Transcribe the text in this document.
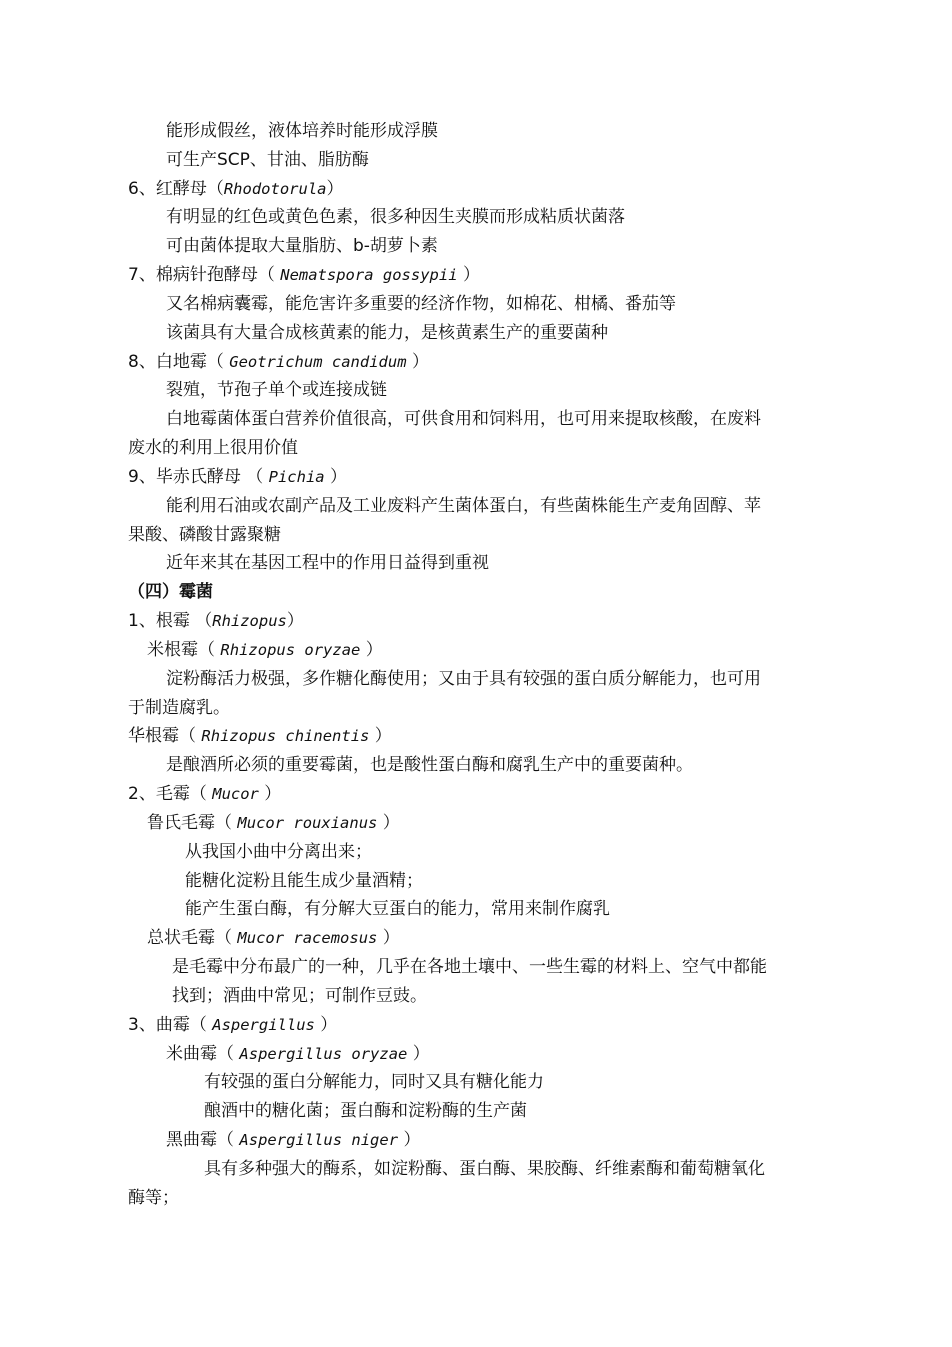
能形成假丝，液体培养时能形成浮膜
可生产SCP、甘油、脂肪酶
6、红酵母（Rhodotorula）
有明显的红色或黄色色素，很多种因生夹膜而形成粘质状菌落
可由菌体提取大量脂肪、b-胡萝卜素
7、棉病针孢酵母（ Nematspora gossypii ）
又名棉病囊霉，能危害许多重要的经济作物，如棉花、柑橘、番茄等
该菌具有大量合成核黄素的能力，是核黄素生产的重要菌种
8、白地霉（ Geotrichum candidum ）
裂殖，节孢子单个或连接成链
白地霉菌体蛋白营养价值很高，可供食用和饲料用，也可用来提取核酸，在废料
废水的利用上很用价值
9、毕赤氏酵母 （ Pichia ）
能利用石油或农副产品及工业废料产生菌体蛋白，有些菌株能生产麦角固醇、苹
果酸、磷酸甘露聚糖
近年来其在基因工程中的作用日益得到重视
（四）霉菌
1、根霉 （Rhizopus）
米根霉（ Rhizopus oryzae ）
淀粉酶活力极强，多作糖化酶使用；又由于具有较强的蛋白质分解能力，也可用
于制造腐乳。
华根霉（ Rhizopus chinentis ）
是酿酒所必须的重要霉菌，也是酸性蛋白酶和腐乳生产中的重要菌种。
2、毛霉（ Mucor ）
鲁氏毛霉（ Mucor rouxianus ）
从我国小曲中分离出来；
能糖化淀粉且能生成少量酒精；
能产生蛋白酶，有分解大豆蛋白的能力，常用来制作腐乳
总状毛霉（ Mucor racemosus ）
是毛霉中分布最广的一种，几乎在各地土壤中、一些生霉的材料上、空气中都能
找到；酒曲中常见；可制作豆豉。
3、曲霉（ Aspergillus ）
米曲霉（ Aspergillus oryzae ）
有较强的蛋白分解能力，同时又具有糖化能力
酿酒中的糖化菌；蛋白酶和淀粉酶的生产菌
黑曲霉（ Aspergillus niger ）
具有多种强大的酶系，如淀粉酶、蛋白酶、果胶酶、纤维素酶和葡萄糖氧化
酶等；
